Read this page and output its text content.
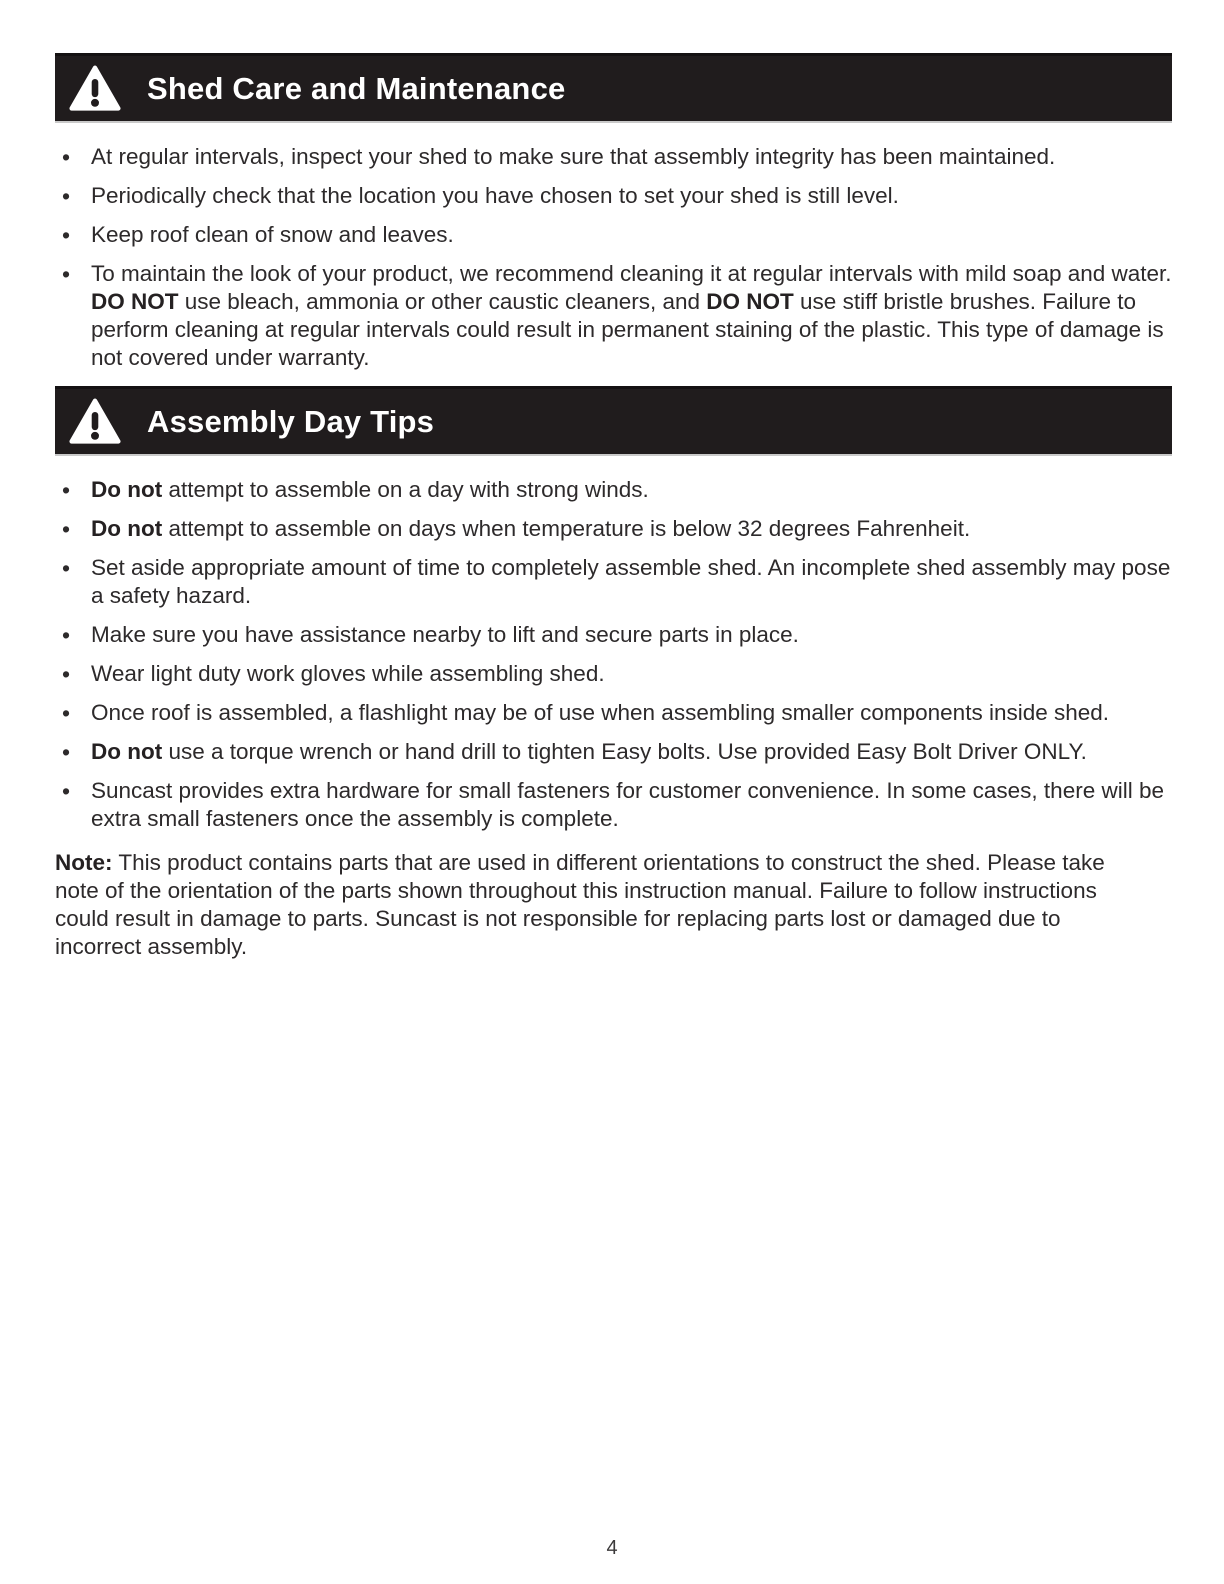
Shed Care and Maintenance
• At regular intervals, inspect your shed to make sure that assembly integrity has been maintained.
• Periodically check that the location you have chosen to set your shed is still level.
• Keep roof clean of snow and leaves.
• To maintain the look of your product, we recommend cleaning it at regular intervals with mild soap and water. DO NOT use bleach, ammonia or other caustic cleaners, and DO NOT use stiff bristle brushes. Failure to perform cleaning at regular intervals could result in permanent staining of the plastic. This type of damage is not covered under warranty.
Assembly Day Tips
• Do not attempt to assemble on a day with strong winds.
• Do not attempt to assemble on days when temperature is below 32 degrees Fahrenheit.
• Set aside appropriate amount of time to completely assemble shed. An incomplete shed assembly may pose a safety hazard.
• Make sure you have assistance nearby to lift and secure parts in place.
• Wear light duty work gloves while assembling shed.
• Once roof is assembled, a flashlight may be of use when assembling smaller components inside shed.
• Do not use a torque wrench or hand drill to tighten Easy bolts. Use provided Easy Bolt Driver ONLY.
• Suncast provides extra hardware for small fasteners for customer convenience. In some cases, there will be extra small fasteners once the assembly is complete.

Note: This product contains parts that are used in different orientations to construct the shed. Please take note of the orientation of the parts shown throughout this instruction manual. Failure to follow instructions could result in damage to parts. Suncast is not responsible for replacing parts lost or damaged due to incorrect assembly.

4
